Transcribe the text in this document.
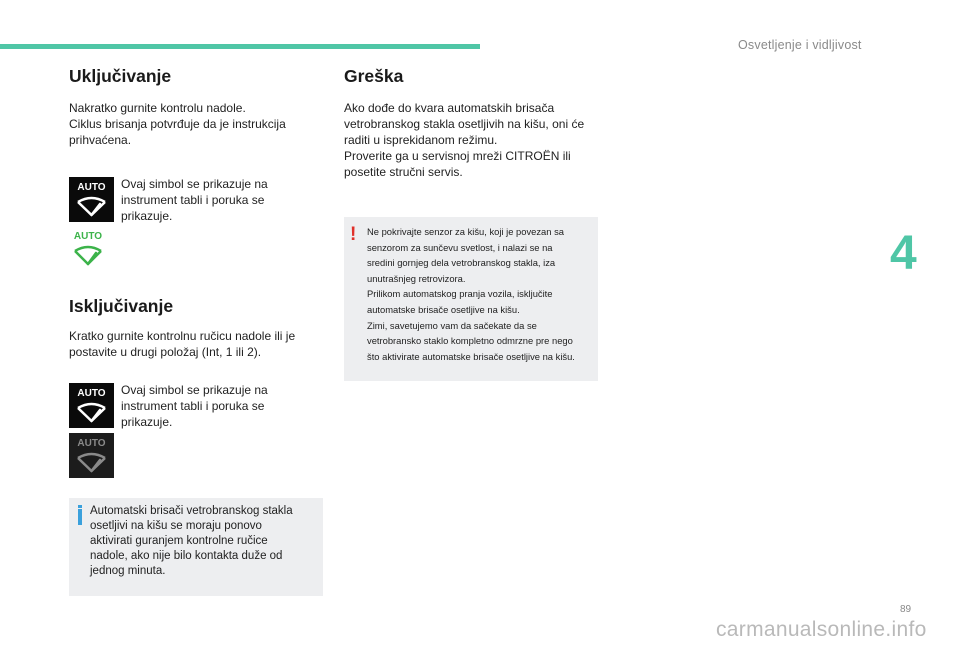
Osvetljenje i vidljivost
4
Uključivanje

Nakratko gurnite kontrolu nadole.
Ciklus brisanja potvrđuje da je instrukcija
prihvaćena.

AUTO Ovaj simbol se prikazuje na
instrument tabli i poruka se
prikazuje.

AUTO
Isključivanje

Kratko gurnite kontrolnu ručicu nadole ili je
postavite u drugi položaj (Int, 1 ili 2).

AUTO Ovaj simbol se prikazuje na
instrument tabli i poruka se
prikazuje.

AUTO

Automatski brisači vetrobranskog stakla
osetljivi na kišu se moraju ponovo
aktivirati guranjem kontrolne ručice
nadole, ako nije bilo kontakta duže od
jednog minuta.

Greška

Ako dođe do kvara automatskih brisača
vetrobranskog stakla osetljivih na kišu, oni će
raditi u isprekidanom režimu.
Proverite ga u servisnoj mreži CITROËN ili
posetite stručni servis.

! Ne pokrivajte senzor za kišu, koji je povezan sa
senzorom za sunčevu svetlost, i nalazi se na
sredini gornjeg dela vetrobranskog stakla, iza
unutrašnjeg retrovizora.
Prilikom automatskog pranja vozila, isključite
automatske brisače osetljive na kišu.
Zimi, savetujemo vam da sačekate da se
vetrobransko staklo kompletno odmrzne pre nego
što aktivirate automatske brisače osetljive na kišu.

89
carmanualsonline.info
